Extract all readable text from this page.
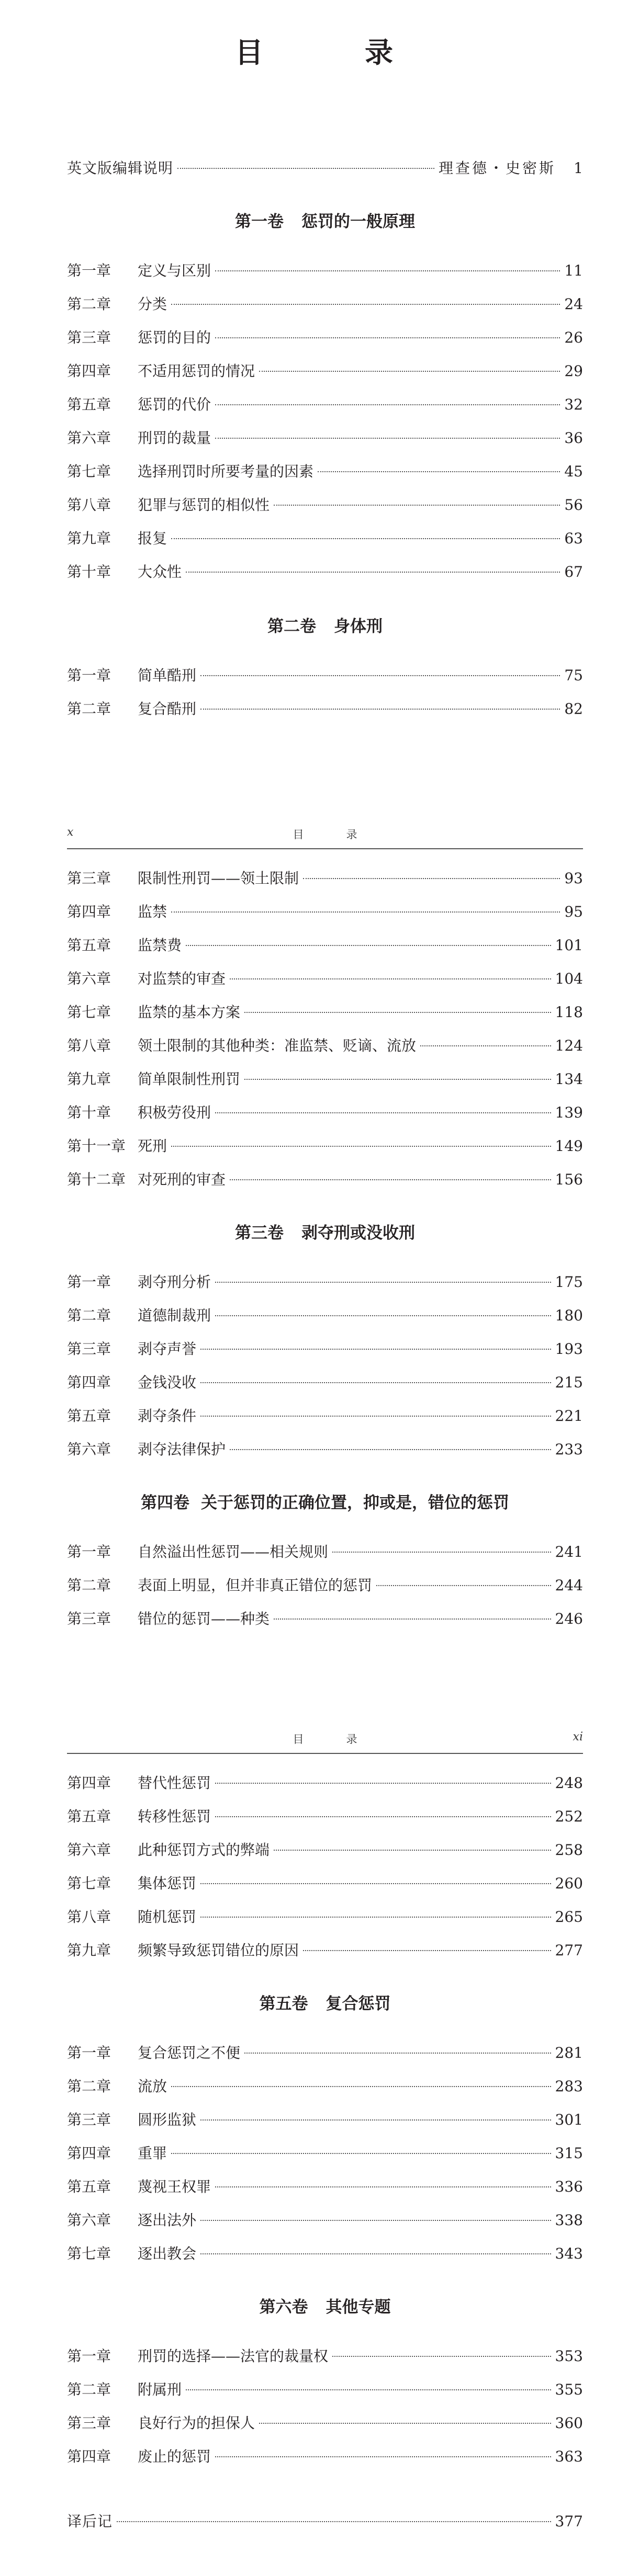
目　录
英文版编辑说明	理查德・史密斯	1
第一卷 惩罚的一般原理
第一章	定义与区别	11
第二章	分类	24
第三章	惩罚的目的	26
第四章	不适用惩罚的情况	29
第五章	惩罚的代价	32
第六章	刑罚的裁量	36
第七章	选择刑罚时所要考量的因素	45
第八章	犯罪与惩罚的相似性	56
第九章	报复	63
第十章	大众性	67
第二卷 身体刑
第一章	简单酷刑	75
第二章	复合酷刑	82
x	目　录
第三章	限制性刑罚——领土限制	93
第四章	监禁	95
第五章	监禁费	101
第六章	对监禁的审查	104
第七章	监禁的基本方案	118
第八章	领土限制的其他种类：准监禁、贬谪、流放	124
第九章	简单限制性刑罚	134
第十章	积极劳役刑	139
第十一章 死刑	149
第十二章 对死刑的审查	156
第三卷 剥夺刑或没收刑
第一章	剥夺刑分析	175
第二章	道德制裁刑	180
第三章	剥夺声誉	193
第四章	金钱没收	215
第五章	剥夺条件	221
第六章	剥夺法律保护	233
第四卷 关于惩罚的正确位置，抑或是，错位的惩罚
第一章	自然溢出性惩罚——相关规则	241
第二章	表面上明显，但并非真正错位的惩罚	244
第三章	错位的惩罚——种类	246
目　录	xi
第四章	替代性惩罚	248
第五章	转移性惩罚	252
第六章	此种惩罚方式的弊端	258
第七章	集体惩罚	260
第八章	随机惩罚	265
第九章	频繁导致惩罚错位的原因	277
第五卷 复合惩罚
第一章	复合惩罚之不便	281
第二章	流放	283
第三章	圆形监狱	301
第四章	重罪	315
第五章	蔑视王权罪	336
第六章	逐出法外	338
第七章	逐出教会	343
第六卷 其他专题
第一章	刑罚的选择——法官的裁量权	353
第二章	附属刑	355
第三章	良好行为的担保人	360
第四章	废止的惩罚	363
译后记	377
